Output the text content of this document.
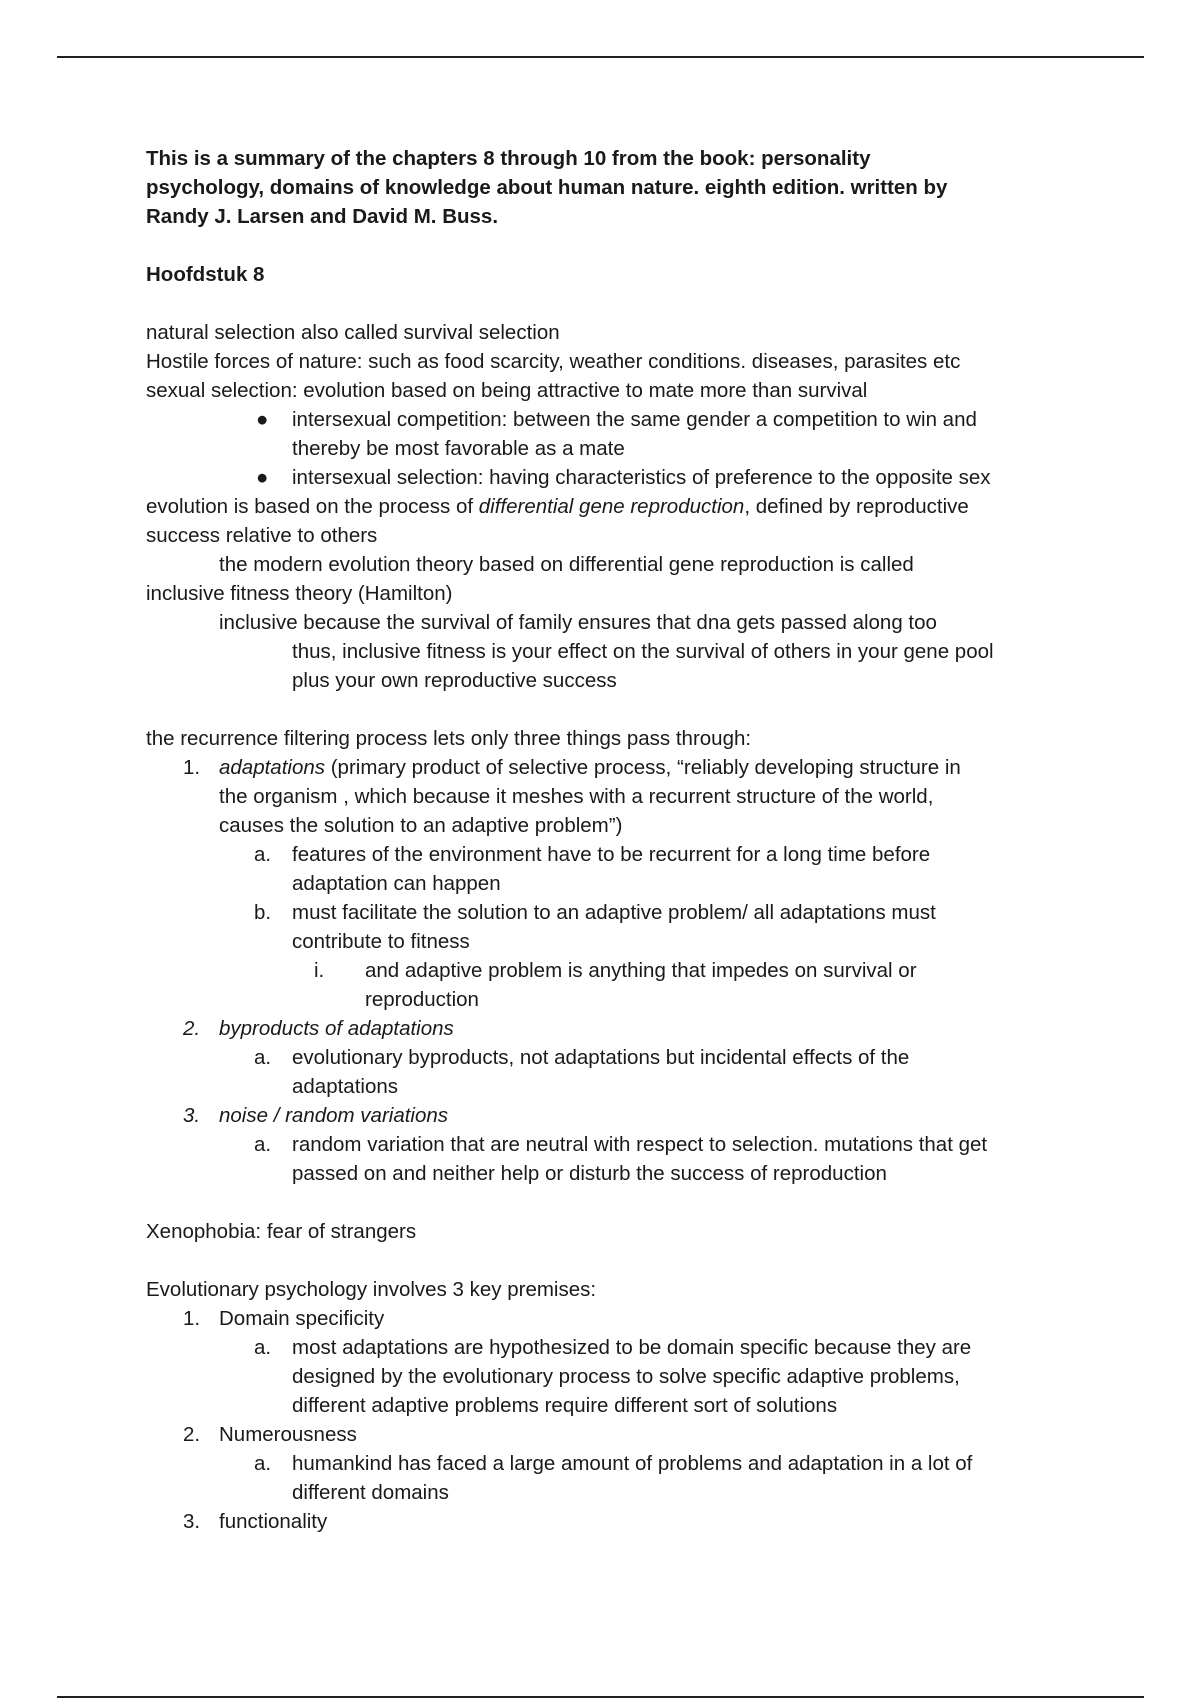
This is a summary of the chapters 8 through 10 from the book: personality
psychology, domains of knowledge about human nature. eighth edition. written by
Randy J. Larsen and David M. Buss.
Hoofdstuk 8
natural selection also called survival selection
Hostile forces of nature: such as food scarcity, weather conditions. diseases, parasites etc
sexual selection: evolution based on being attractive to mate more than survival
● intersexual competition: between the same gender a competition to win and
thereby be most favorable as a mate
● intersexual selection: having characteristics of preference to the opposite sex
evolution is based on the process of differential gene reproduction, defined by reproductive
success relative to others
the modern evolution theory based on differential gene reproduction is called
inclusive fitness theory (Hamilton)
inclusive because the survival of family ensures that dna gets passed along too
thus, inclusive fitness is your effect on the survival of others in your gene pool
plus your own reproductive success
the recurrence filtering process lets only three things pass through:
1. adaptations (primary product of selective process, “reliably developing structure in
the organism , which because it meshes with a recurrent structure of the world,
causes the solution to an adaptive problem”)
a. features of the environment have to be recurrent for a long time before
adaptation can happen
b. must facilitate the solution to an adaptive problem/ all adaptations must
contribute to fitness
i. and adaptive problem is anything that impedes on survival or
reproduction
2. byproducts of adaptations
a. evolutionary byproducts, not adaptations but incidental effects of the
adaptations
3. noise / random variations
a. random variation that are neutral with respect to selection. mutations that get
passed on and neither help or disturb the success of reproduction
Xenophobia: fear of strangers
Evolutionary psychology involves 3 key premises:
1. Domain specificity
a. most adaptations are hypothesized to be domain specific because they are
designed by the evolutionary process to solve specific adaptive problems,
different adaptive problems require different sort of solutions
2. Numerousness
a. humankind has faced a large amount of problems and adaptation in a lot of
different domains
3. functionality
